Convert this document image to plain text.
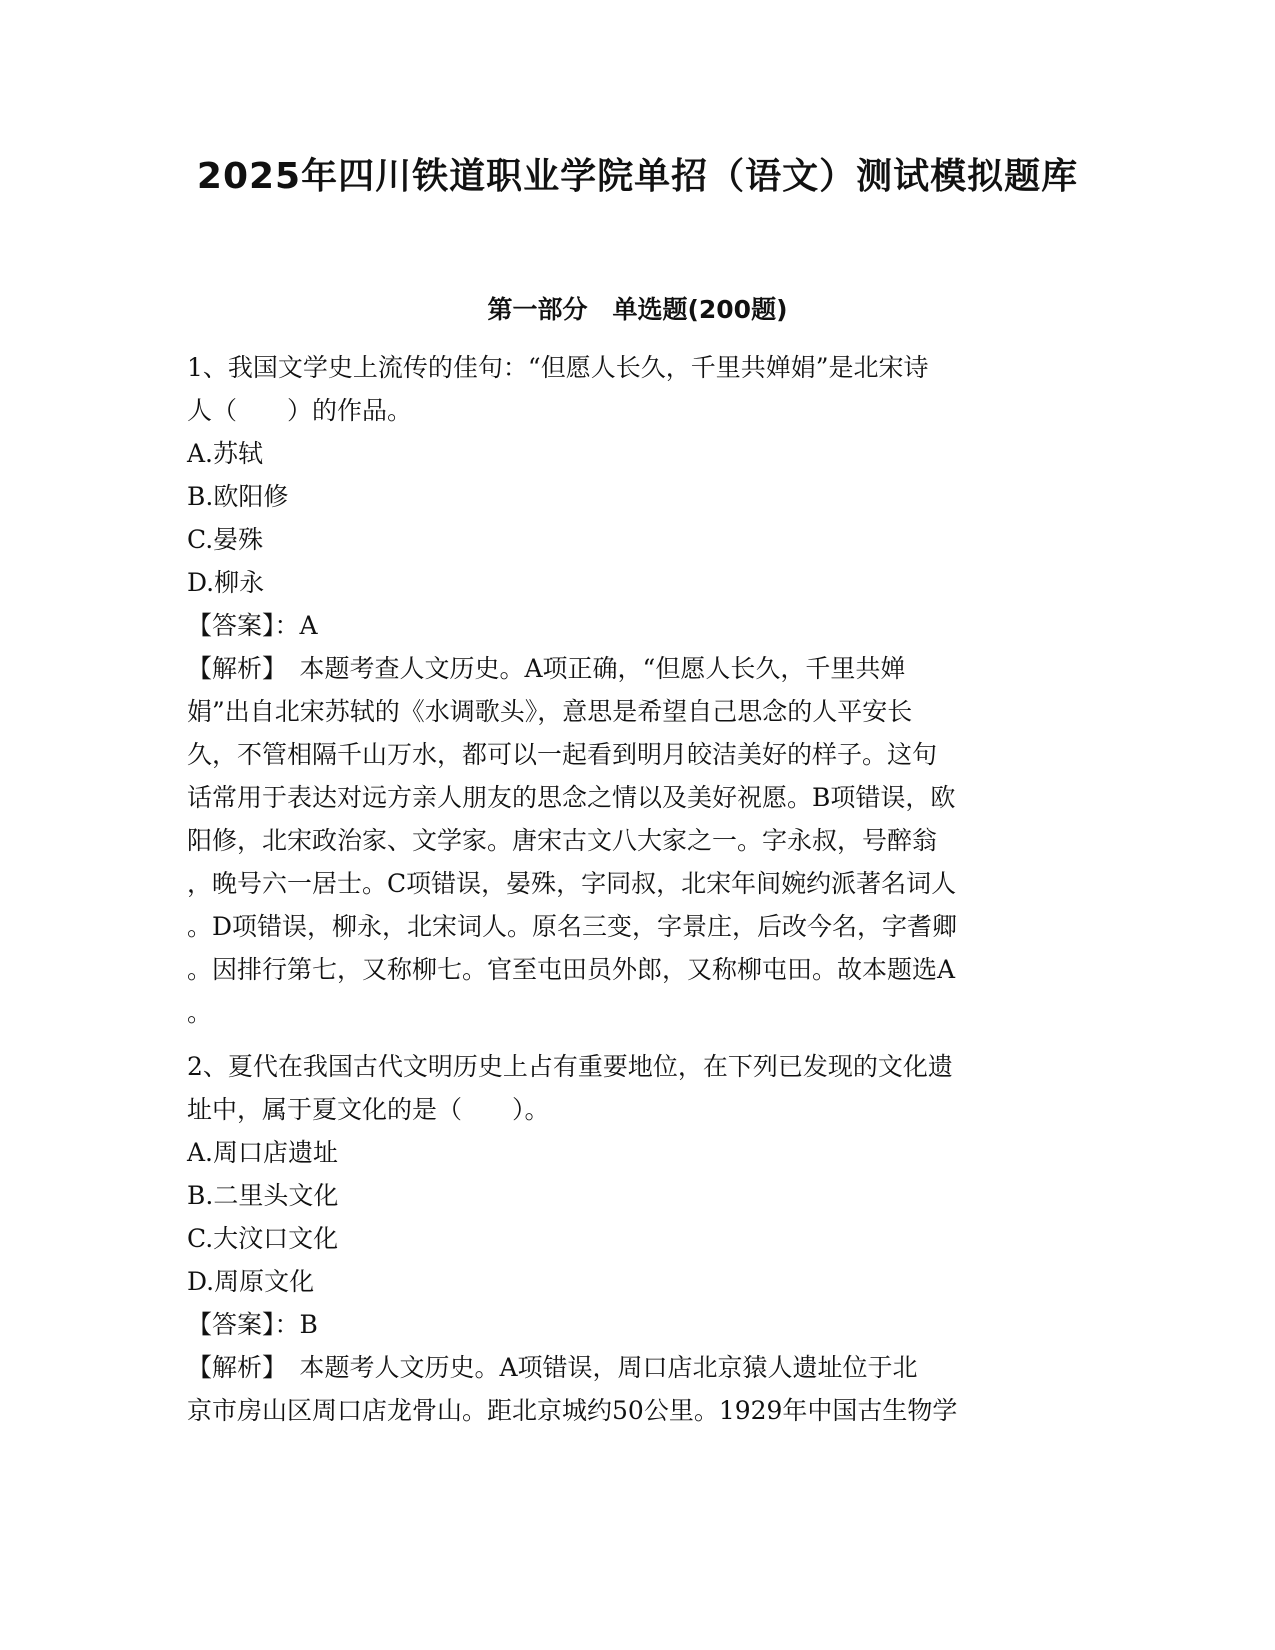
2025年四川铁道职业学院单招（语文）测试模拟题库
第一部分　单选题(200题)

1、我国文学史上流传的佳句：“但愿人长久，千里共婵娟”是北宋诗

人（　　）的作品。

A.苏轼

B.欧阳修

C.晏殊

D.柳永

【答案】：A

【解析】　本题考查人文历史。A项正确，“但愿人长久，千里共婵

娟”出自北宋苏轼的《水调歌头》，意思是希望自己思念的人平安长

久，不管相隔千山万水，都可以一起看到明月皎洁美好的样子。这句

话常用于表达对远方亲人朋友的思念之情以及美好祝愿。B项错误，欧

阳修，北宋政治家、文学家。唐宋古文八大家之一。字永叔，号醉翁

，晚号六一居士。C项错误，晏殊，字同叔，北宋年间婉约派著名词人

。D项错误，柳永，北宋词人。原名三变，字景庄，后改今名，字耆卿

。因排行第七，又称柳七。官至屯田员外郎，又称柳屯田。故本题选A

。

2、夏代在我国古代文明历史上占有重要地位，在下列已发现的文化遗

址中，属于夏文化的是（　　）。

A.周口店遗址

B.二里头文化

C.大汶口文化

D.周原文化

【答案】：B

【解析】　本题考人文历史。A项错误，周口店北京猿人遗址位于北

京市房山区周口店龙骨山。距北京城约50公里。1929年中国古生物学
